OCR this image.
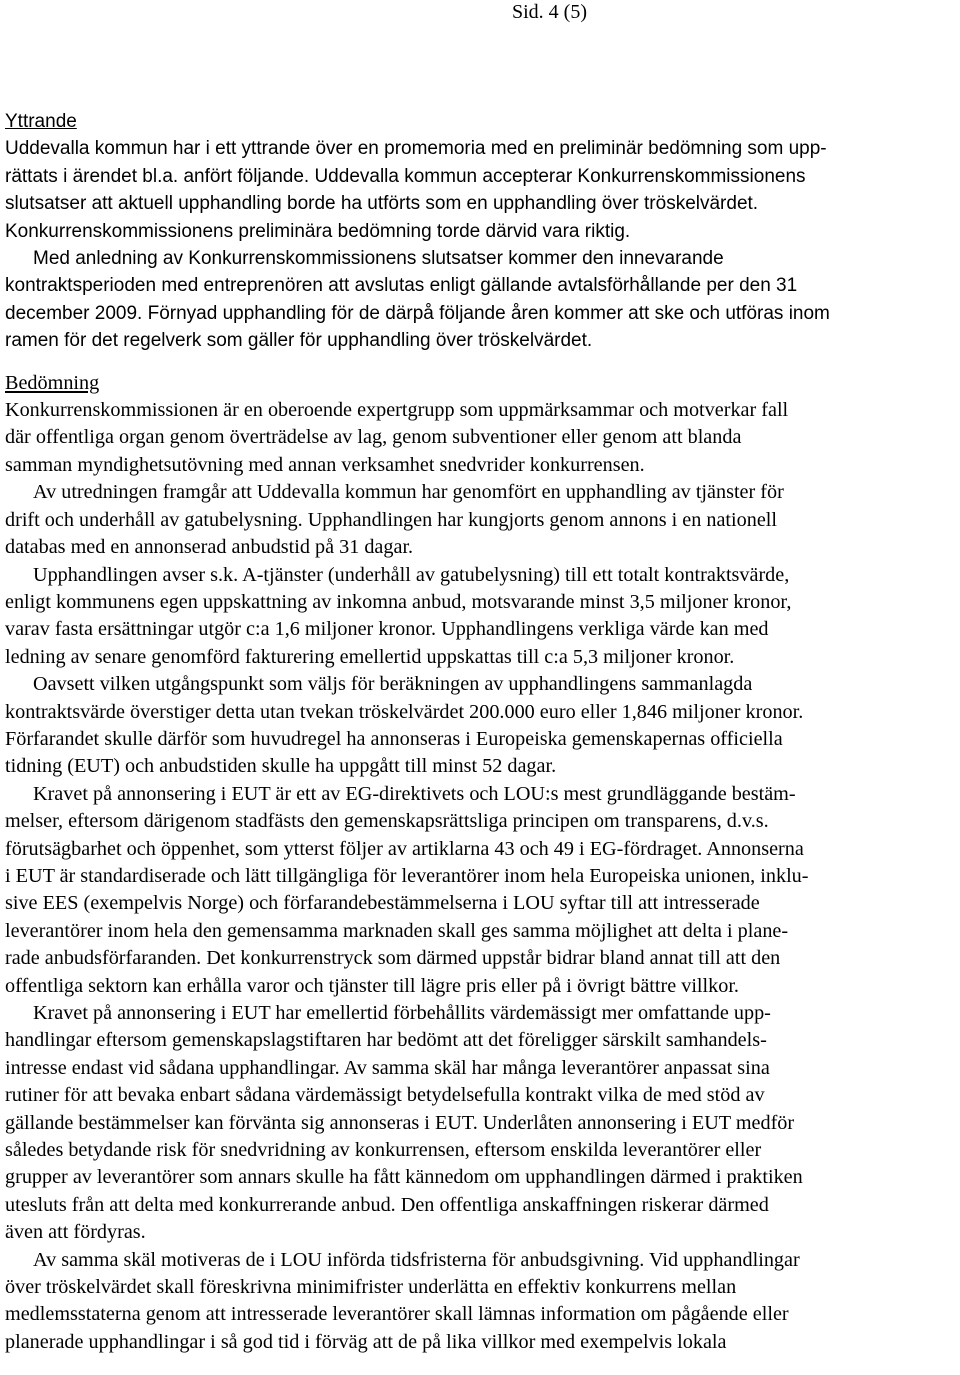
Sid. 4 (5)
Yttrande
Uddevalla kommun har i ett yttrande över en promemoria med en preliminär bedömning som upp-
rättats i ärendet bl.a. anfört följande. Uddevalla kommun accepterar Konkurrenskommissionens
slutsatser att aktuell upphandling borde ha utförts som en upphandling över tröskelvärdet.
Konkurrenskommissionens preliminära bedömning torde därvid vara riktig.
Med anledning av Konkurrenskommissionens slutsatser kommer den innevarande
kontraktsperioden med entreprenören att avslutas enligt gällande avtalsförhållande per den 31
december 2009. Förnyad upphandling för de därpå följande åren kommer att ske och utföras inom
ramen för det regelverk som gäller för upphandling över tröskelvärdet.
Bedömning
Konkurrenskommissionen är en oberoende expertgrupp som uppmärksammar och motverkar fall
där offentliga organ genom överträdelse av lag, genom subventioner eller genom att blanda
samman myndighetsutövning med annan verksamhet snedvrider konkurrensen.
Av utredningen framgår att Uddevalla kommun har genomfört en upphandling av tjänster för
drift och underhåll av gatubelysning. Upphandlingen har kungjorts genom annons i en nationell
databas med en annonserad anbudstid på 31 dagar.
Upphandlingen avser s.k. A-tjänster (underhåll av gatubelysning) till ett totalt kontraktsvärde,
enligt kommunens egen uppskattning av inkomna anbud, motsvarande minst 3,5 miljoner kronor,
varav fasta ersättningar utgör c:a 1,6 miljoner kronor. Upphandlingens verkliga värde kan med
ledning av senare genomförd fakturering emellertid uppskattas till c:a 5,3 miljoner kronor.
Oavsett vilken utgångspunkt som väljs för beräkningen av upphandlingens sammanlagda
kontraktsvärde överstiger detta utan tvekan tröskelvärdet 200.000 euro eller 1,846 miljoner kronor.
Förfarandet skulle därför som huvudregel ha annonseras i Europeiska gemenskapernas officiella
tidning (EUT) och anbudstiden skulle ha uppgått till minst 52 dagar.
Kravet på annonsering i EUT är ett av EG-direktivets och LOU:s mest grundläggande bestäm-
melser, eftersom därigenom stadfästs den gemenskapsrättsliga principen om transparens, d.v.s.
förutsägbarhet och öppenhet, som ytterst följer av artiklarna 43 och 49 i EG-fördraget. Annonserna
i EUT är standardiserade och lätt tillgängliga för leverantörer inom hela Europeiska unionen, inklu-
sive EES (exempelvis Norge) och förfarandebestämmelserna i LOU syftar till att intresserade
leverantörer inom hela den gemensamma marknaden skall ges samma möjlighet att delta i plane-
rade anbudsförfaranden. Det konkurrenstryck som därmed uppstår bidrar bland annat till att den
offentliga sektorn kan erhålla varor och tjänster till lägre pris eller på i övrigt bättre villkor.
Kravet på annonsering i EUT har emellertid förbehållits värdemässigt mer omfattande upp-
handlingar eftersom gemenskapslagstiftaren har bedömt att det föreligger särskilt samhandels-
intresse endast vid sådana upphandlingar. Av samma skäl har många leverantörer anpassat sina
rutiner för att bevaka enbart sådana värdemässigt betydelsefulla kontrakt vilka de med stöd av
gällande bestämmelser kan förvänta sig annonseras i EUT. Underlåten annonsering i EUT medför
således betydande risk för snedvridning av konkurrensen, eftersom enskilda leverantörer eller
grupper av leverantörer som annars skulle ha fått kännedom om upphandlingen därmed i praktiken
utesluts från att delta med konkurrerande anbud. Den offentliga anskaffningen riskerar därmed
även att fördyras.
Av samma skäl motiveras de i LOU införda tidsfristerna för anbudsgivning. Vid upphandlingar
över tröskelvärdet skall föreskrivna minimifrister underlätta en effektiv konkurrens mellan
medlemsstaterna genom att intresserade leverantörer skall lämnas information om pågående eller
planerade upphandlingar i så god tid i förväg att de på lika villkor med exempelvis lokala
